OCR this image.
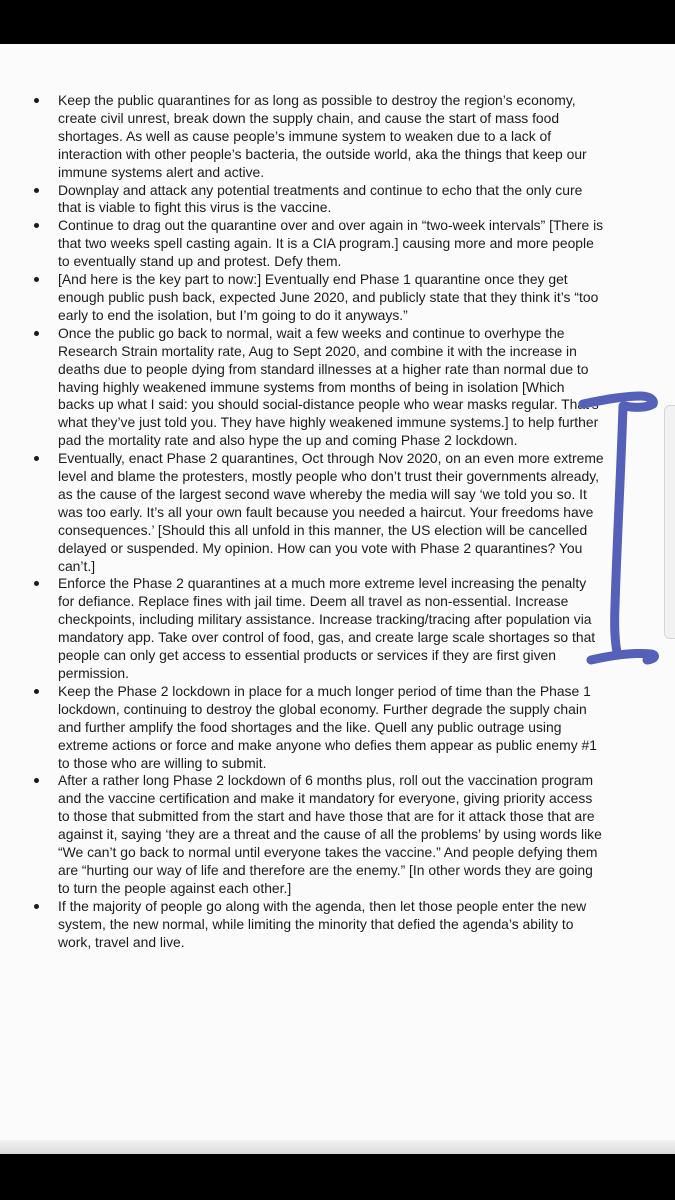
Keep the public quarantines for as long as possible to destroy the region’s economy, create civil unrest, break down the supply chain, and cause the start of mass food shortages. As well as cause people’s immune system to weaken due to a lack of interaction with other people’s bacteria, the outside world, aka the things that keep our immune systems alert and active.
Downplay and attack any potential treatments and continue to echo that the only cure that is viable to fight this virus is the vaccine.
Continue to drag out the quarantine over and over again in “two-week intervals” [There is that two weeks spell casting again. It is a CIA program.] causing more and more people to eventually stand up and protest. Defy them.
[And here is the key part to now:] Eventually end Phase 1 quarantine once they get enough public push back, expected June 2020, and publicly state that they think it’s “too early to end the isolation, but I’m going to do it anyways.”
Once the public go back to normal, wait a few weeks and continue to overhype the Research Strain mortality rate, Aug to Sept 2020, and combine it with the increase in deaths due to people dying from standard illnesses at a higher rate than normal due to having highly weakened immune systems from months of being in isolation [Which backs up what I said: you should social-distance people who wear masks regular. That’s what they’ve just told you. They have highly weakened immune systems.] to help further pad the mortality rate and also hype the up and coming Phase 2 lockdown.
Eventually, enact Phase 2 quarantines, Oct through Nov 2020, on an even more extreme level and blame the protesters, mostly people who don’t trust their governments already, as the cause of the largest second wave whereby the media will say ‘we told you so. It was too early. It’s all your own fault because you needed a haircut. Your freedoms have consequences.’ [Should this all unfold in this manner, the US election will be cancelled delayed or suspended. My opinion. How can you vote with Phase 2 quarantines? You can’t.]
Enforce the Phase 2 quarantines at a much more extreme level increasing the penalty for defiance. Replace fines with jail time. Deem all travel as non-essential. Increase checkpoints, including military assistance. Increase tracking/tracing after population via mandatory app. Take over control of food, gas, and create large scale shortages so that people can only get access to essential products or services if they are first given permission.
Keep the Phase 2 lockdown in place for a much longer period of time than the Phase 1 lockdown, continuing to destroy the global economy. Further degrade the supply chain and further amplify the food shortages and the like. Quell any public outrage using extreme actions or force and make anyone who defies them appear as public enemy #1 to those who are willing to submit.
After a rather long Phase 2 lockdown of 6 months plus, roll out the vaccination program and the vaccine certification and make it mandatory for everyone, giving priority access to those that submitted from the start and have those that are for it attack those that are against it, saying ‘they are a threat and the cause of all the problems’ by using words like “We can’t go back to normal until everyone takes the vaccine.” And people defying them are “hurting our way of life and therefore are the enemy.” [In other words they are going to turn the people against each other.]
If the majority of people go along with the agenda, then let those people enter the new system, the new normal, while limiting the minority that defied the agenda’s ability to work, travel and live.
